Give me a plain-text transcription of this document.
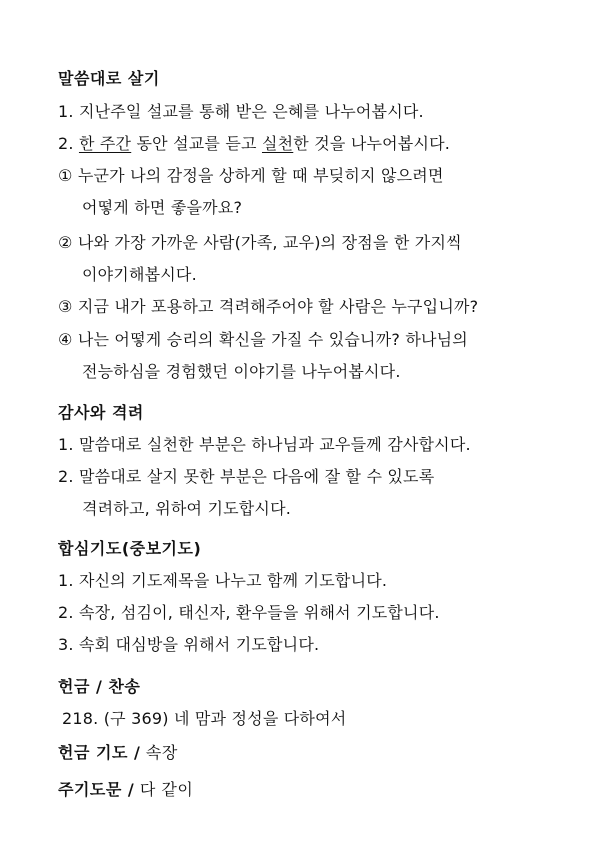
말씀대로 살기
1. 지난주일 설교를 통해 받은 은혜를 나누어봅시다.
2. 한 주간 동안 설교를 듣고 실천한 것을 나누어봅시다.
① 누군가 나의 감정을 상하게 할 때 부딪히지 않으려면
어떻게 하면 좋을까요?
② 나와 가장 가까운 사람(가족, 교우)의 장점을 한 가지씩
이야기해봅시다.
③ 지금 내가 포용하고 격려해주어야 할 사람은 누구입니까?
④ 나는 어떻게 승리의 확신을 가질 수 있습니까? 하나님의
전능하심을 경험했던 이야기를 나누어봅시다.
감사와 격려
1. 말씀대로 실천한 부분은 하나님과 교우들께 감사합시다.
2. 말씀대로 살지 못한 부분은 다음에 잘 할 수 있도록
격려하고, 위하여 기도합시다.
합심기도(중보기도)
1. 자신의 기도제목을 나누고 함께 기도합니다.
2. 속장, 섬김이, 태신자, 환우들을 위해서 기도합니다.
3. 속회 대심방을 위해서 기도합니다.
헌금 / 찬송
218. (구 369) 네 맘과 정성을 다하여서
헌금 기도 / 속장
주기도문 / 다 같이
